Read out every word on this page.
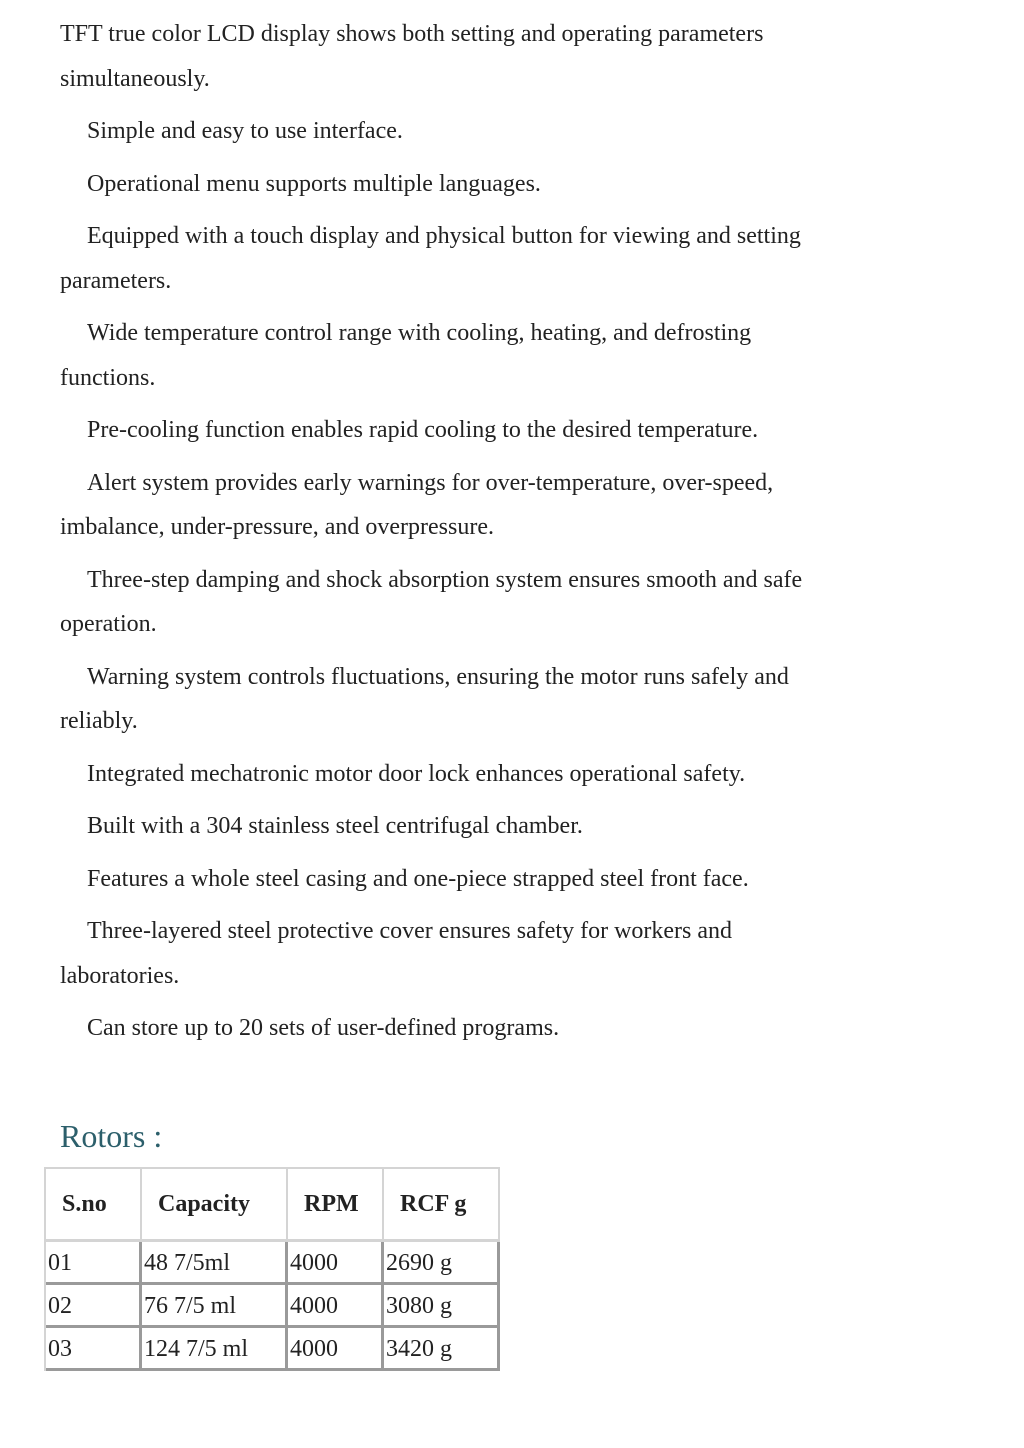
TFT true color LCD display shows both setting and operating parameters simultaneously.

Simple and easy to use interface.

Operational menu supports multiple languages.

Equipped with a touch display and physical button for viewing and setting parameters.

Wide temperature control range with cooling, heating, and defrosting functions.

Pre-cooling function enables rapid cooling to the desired temperature.

Alert system provides early warnings for over-temperature, over-speed, imbalance, under-pressure, and overpressure.

Three-step damping and shock absorption system ensures smooth and safe operation.

Warning system controls fluctuations, ensuring the motor runs safely and reliably.

Integrated mechatronic motor door lock enhances operational safety.

Built with a 304 stainless steel centrifugal chamber.

Features a whole steel casing and one-piece strapped steel front face.

Three-layered steel protective cover ensures safety for workers and laboratories.

Can store up to 20 sets of user-defined programs.

Rotors :
S.no	Capacity	RPM	RCF g
01	48 7/5ml	4000	2690 g
02	76 7/5 ml	4000	3080 g
03	124 7/5 ml	4000	3420 g
